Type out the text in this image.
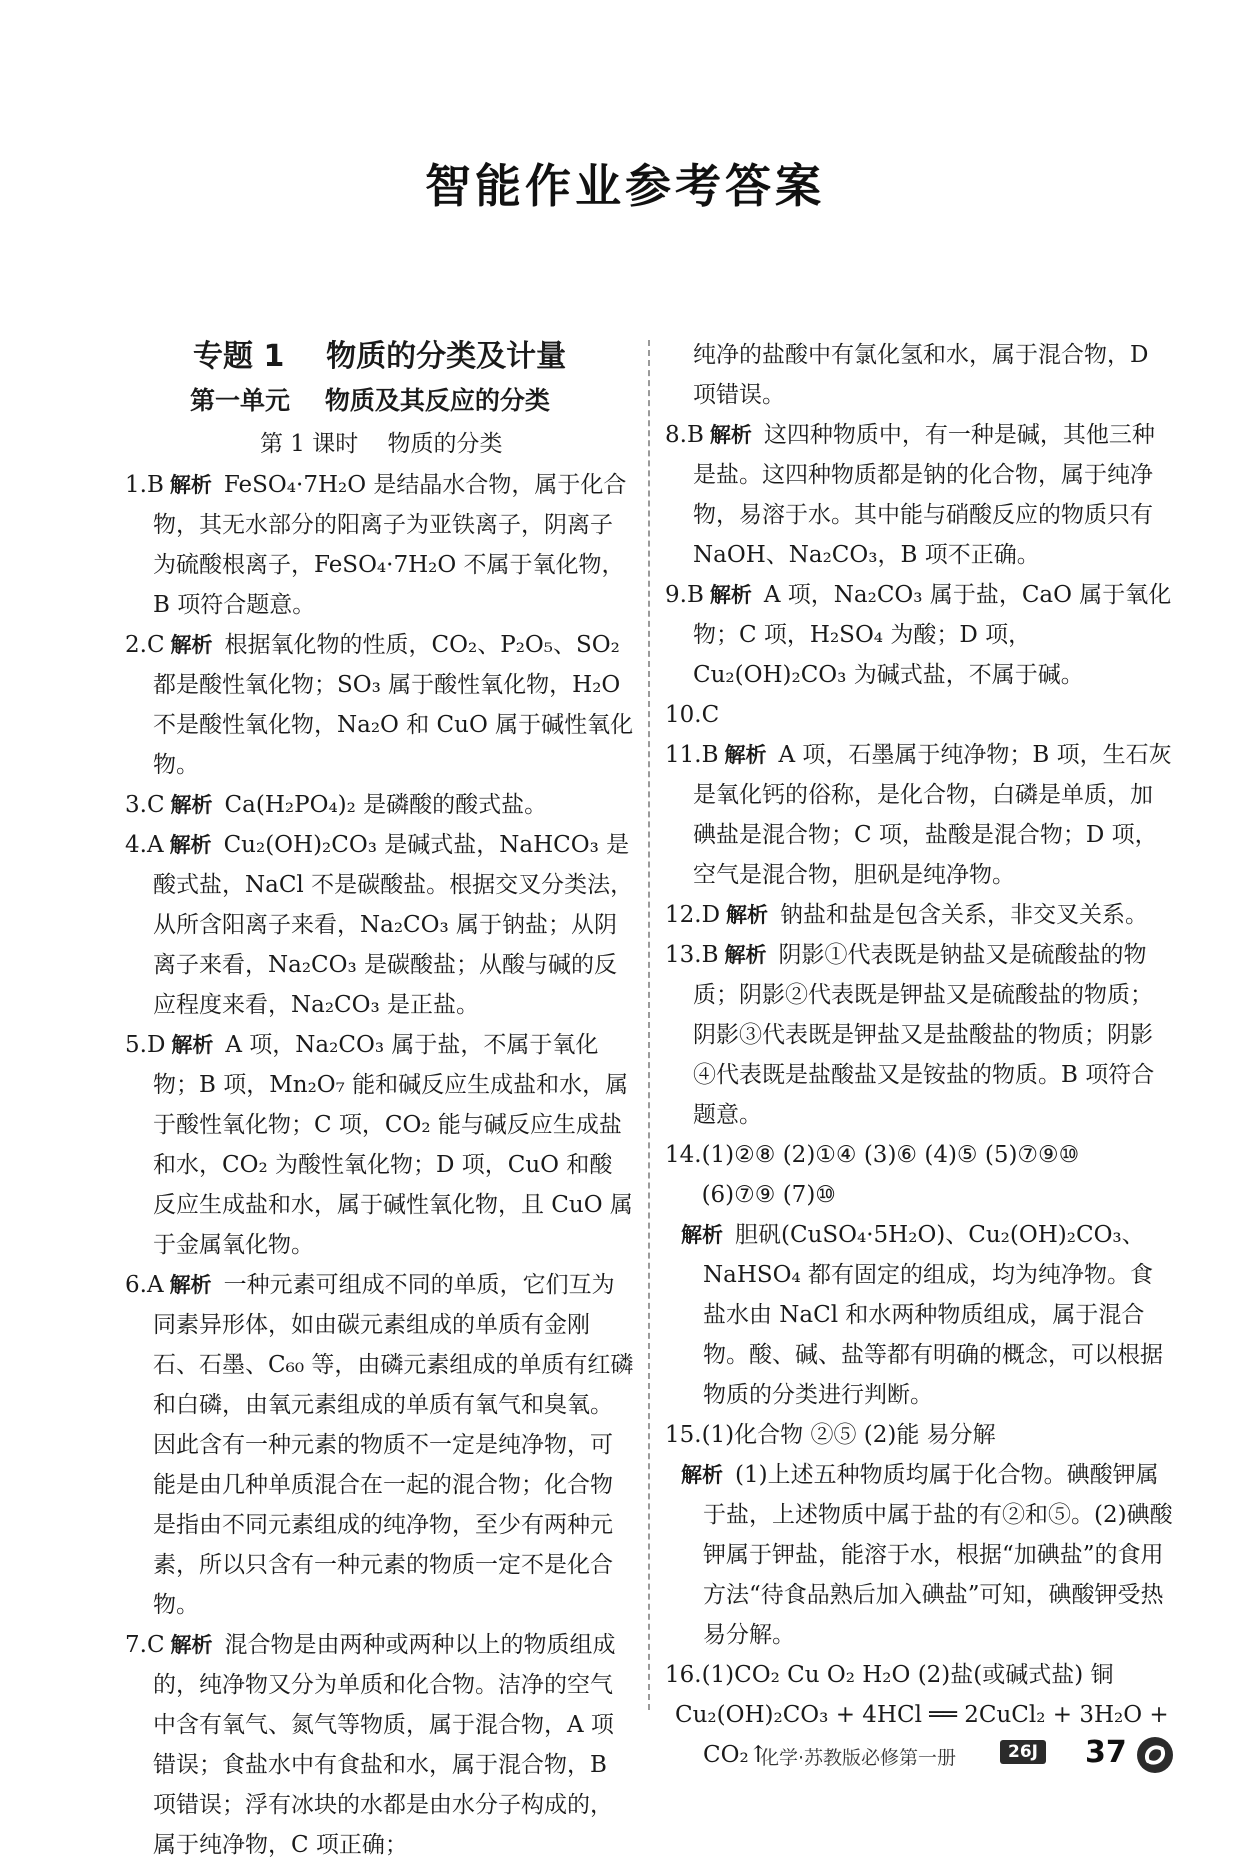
智能作业参考答案
专题 1    物质的分类及计量
第一单元    物质及其反应的分类
第 1 课时    物质的分类
1.B 解析 FeSO₄·7H₂O 是结晶水合物，属于化合物，其无水部分的阳离子为亚铁离子，阴离子为硫酸根离子，FeSO₄·7H₂O 不属于氧化物，B 项符合题意。
2.C 解析 根据氧化物的性质，CO₂、P₂O₅、SO₂ 都是酸性氧化物；SO₃ 属于酸性氧化物，H₂O 不是酸性氧化物，Na₂O 和 CuO 属于碱性氧化物。
3.C 解析 Ca(H₂PO₄)₂ 是磷酸的酸式盐。
4.A 解析 Cu₂(OH)₂CO₃ 是碱式盐，NaHCO₃ 是酸式盐，NaCl 不是碳酸盐。根据交叉分类法，从所含阳离子来看，Na₂CO₃ 属于钠盐；从阴离子来看，Na₂CO₃ 是碳酸盐；从酸与碱的反应程度来看，Na₂CO₃ 是正盐。
5.D 解析 A 项，Na₂CO₃ 属于盐，不属于氧化物；B 项，Mn₂O₇ 能和碱反应生成盐和水，属于酸性氧化物；C 项，CO₂ 能与碱反应生成盐和水，CO₂ 为酸性氧化物；D 项，CuO 和酸反应生成盐和水，属于碱性氧化物，且 CuO 属于金属氧化物。
6.A 解析 一种元素可组成不同的单质，它们互为同素异形体，如由碳元素组成的单质有金刚石、石墨、C₆₀ 等，由磷元素组成的单质有红磷和白磷，由氧元素组成的单质有氧气和臭氧。因此含有一种元素的物质不一定是纯净物，可能是由几种单质混合在一起的混合物；化合物是指由不同元素组成的纯净物，至少有两种元素，所以只含有一种元素的物质一定不是化合物。
7.C 解析 混合物是由两种或两种以上的物质组成的，纯净物又分为单质和化合物。洁净的空气中含有氧气、氮气等物质，属于混合物，A 项错误；食盐水中有食盐和水，属于混合物，B 项错误；浮有冰块的水都是由水分子构成的，属于纯净物，C 项正确；

纯净的盐酸中有氯化氢和水，属于混合物，D 项错误。

8.B 解析 这四种物质中，有一种是碱，其他三种是盐。这四种物质都是钠的化合物，属于纯净物，易溶于水。其中能与硝酸反应的物质只有 NaOH、Na₂CO₃，B 项不正确。
9.B 解析 A 项，Na₂CO₃ 属于盐，CaO 属于氧化物；C 项，H₂SO₄ 为酸；D 项，Cu₂(OH)₂CO₃ 为碱式盐，不属于碱。
10.C
11.B 解析 A 项，石墨属于纯净物；B 项，生石灰是氧化钙的俗称，是化合物，白磷是单质，加碘盐是混合物；C 项，盐酸是混合物；D 项，空气是混合物，胆矾是纯净物。
12.D 解析 钠盐和盐是包含关系，非交叉关系。
13.B 解析 阴影①代表既是钠盐又是硫酸盐的物质；阴影②代表既是钾盐又是硫酸盐的物质；阴影③代表既是钾盐又是盐酸盐的物质；阴影④代表既是盐酸盐又是铵盐的物质。B 项符合题意。
14.(1)②⑧ (2)①④ (3)⑥ (4)⑤ (5)⑦⑨⑩
(6)⑦⑨ (7)⑩
解析 胆矾(CuSO₄·5H₂O)、Cu₂(OH)₂CO₃、NaHSO₄ 都有固定的组成，均为纯净物。食盐水由 NaCl 和水两种物质组成，属于混合物。酸、碱、盐等都有明确的概念，可以根据物质的分类进行判断。
15.(1)化合物 ②⑤ (2)能 易分解
解析 (1)上述五种物质均属于化合物。碘酸钾属于盐，上述物质中属于盐的有②和⑤。(2)碘酸钾属于钾盐，能溶于水，根据“加碘盐”的食用方法“待食品熟后加入碘盐”可知，碘酸钾受热易分解。
16.(1)CO₂ Cu O₂ H₂O (2)盐(或碱式盐) 铜
Cu₂(OH)₂CO₃ + 4HCl ══ 2CuCl₂ + 3H₂O + CO₂↑
化学·苏教版必修第一册	26J 37
